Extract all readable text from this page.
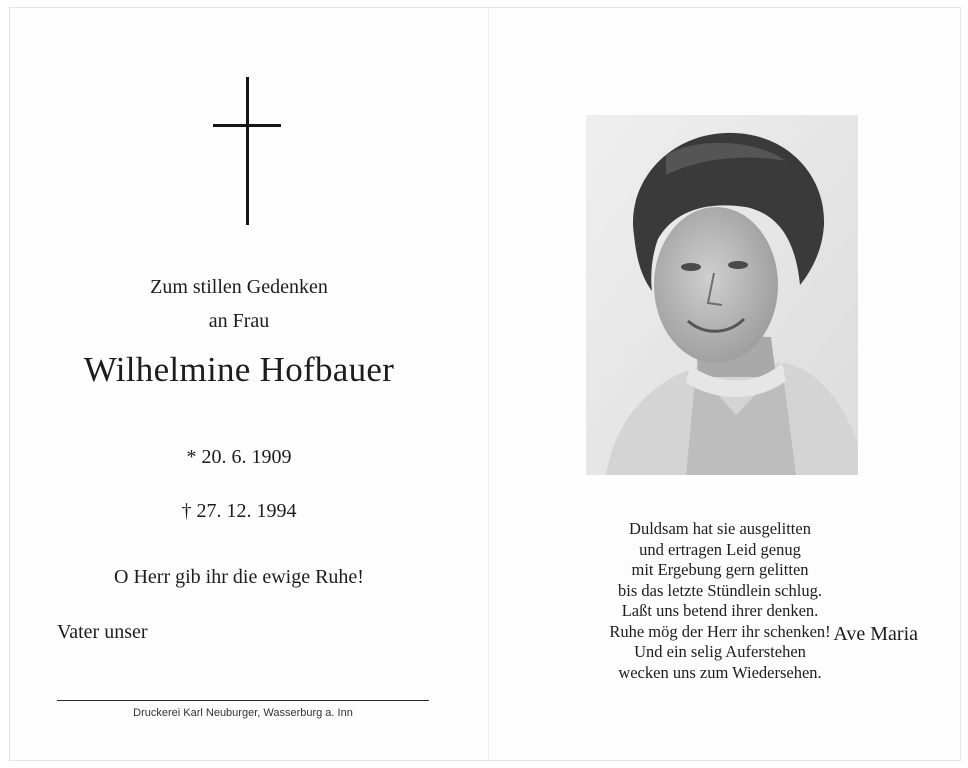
Zum stillen Gedenken
an Frau
Wilhelmine Hofbauer
* 20. 6. 1909
† 27. 12. 1994
O Herr gib ihr die ewige Ruhe!
Vater unser	Ave Maria
Druckerei Karl Neuburger, Wasserburg a. Inn
Duldsam hat sie ausgelitten
und ertragen Leid genug
mit Ergebung gern gelitten
bis das letzte Stündlein schlug.
Laßt uns betend ihrer denken.
Ruhe mög der Herr ihr schenken!
Und ein selig Auferstehen
wecken uns zum Wiedersehen.
